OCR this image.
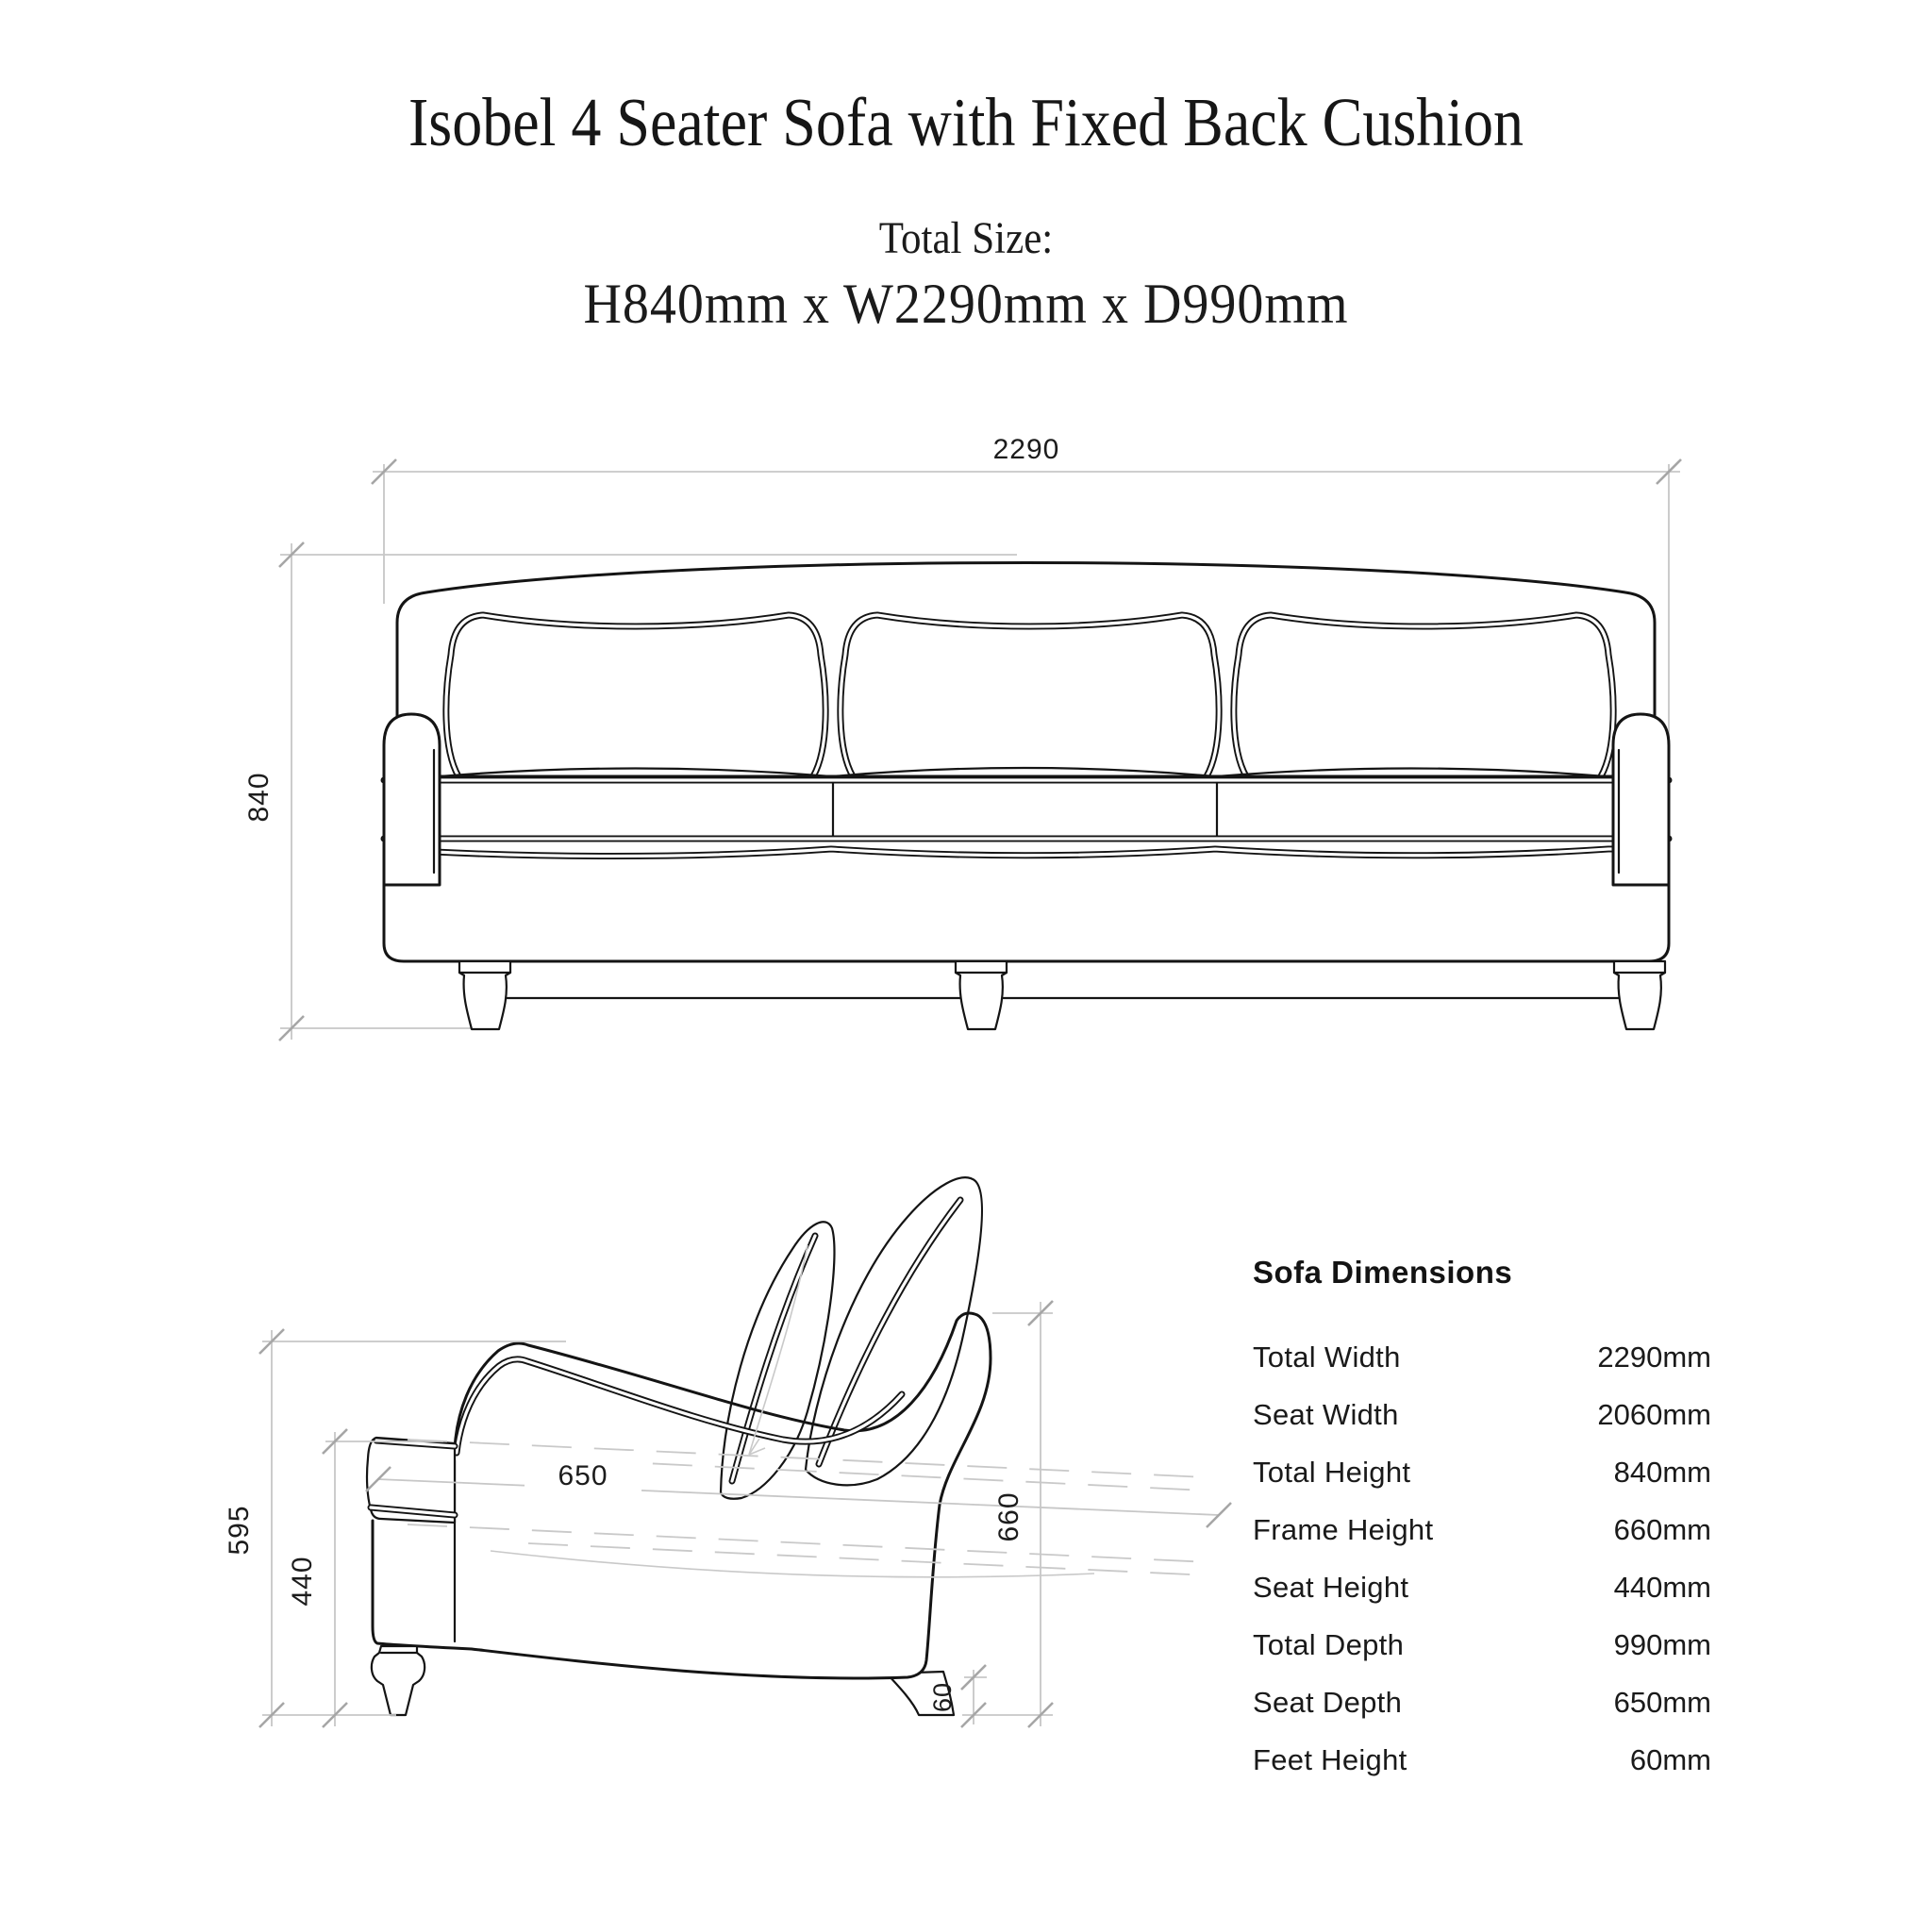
Isobel 4 Seater Sofa with Fixed Back Cushion
Total Size:
H840mm x W2290mm x D990mm
2290
840
650
595
440
660
60
Sofa Dimensions
Total Width	2290mm
Seat Width	2060mm
Total Height	840mm
Frame Height	660mm
Seat Height	440mm
Total Depth	990mm
Seat Depth	650mm
Feet Height	60mm
